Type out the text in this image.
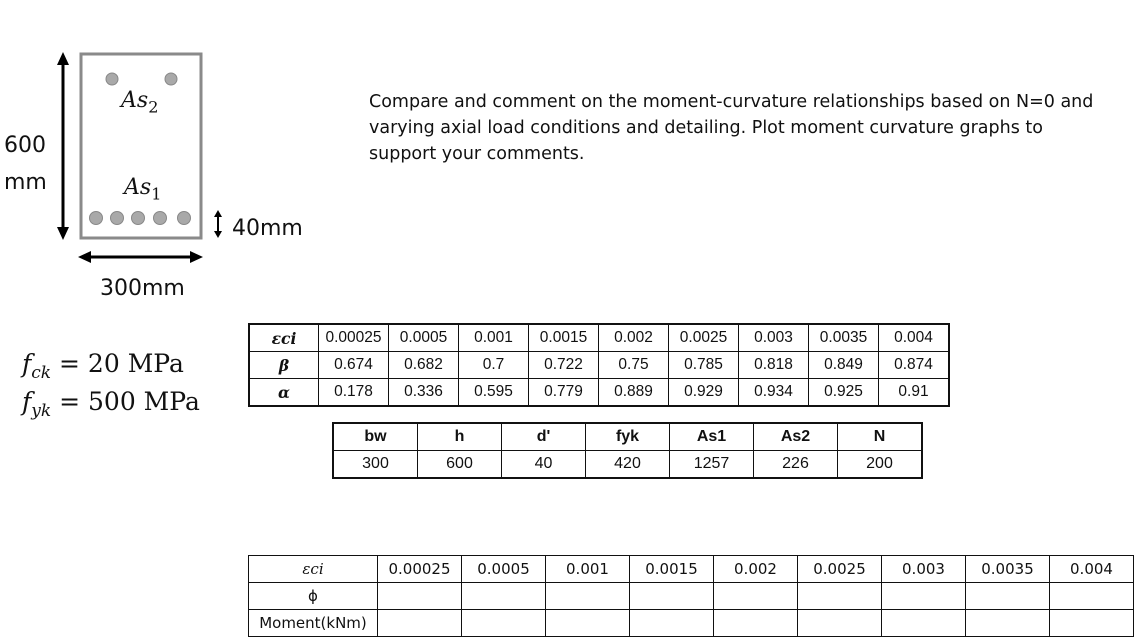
600
mm
300mm
40mm
$As_2$
$As_1$
$f_{ck} = 20$ MPa
$f_{yk} = 500$ MPa
Compare and comment on the moment-curvature relationships based on N=0 and varying axial load conditions and detailing. Plot moment curvature graphs to support your comments.
εci	0.00025	0.0005	0.001	0.0015	0.002	0.0025	0.003	0.0035	0.004
β	0.674	0.682	0.7	0.722	0.75	0.785	0.818	0.849	0.874
α	0.178	0.336	0.595	0.779	0.889	0.929	0.934	0.925	0.91
bw	h	d'	fyk	As1	As2	N
300	600	40	420	1257	226	200
εci	0.00025	0.0005	0.001	0.0015	0.002	0.0025	0.003	0.0035	0.004
ϕ									
Moment(kNm)									
